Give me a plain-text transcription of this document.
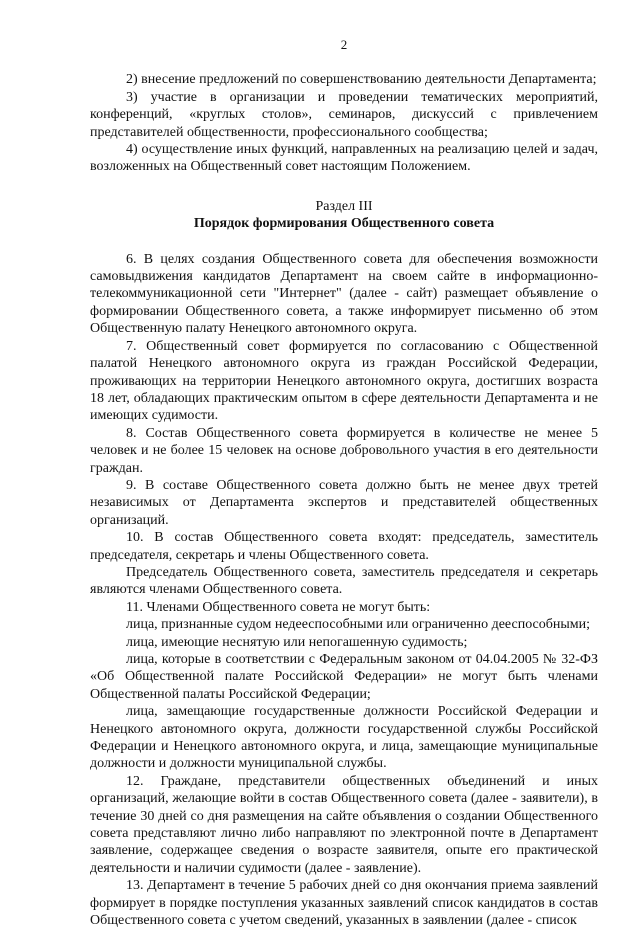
2

2) внесение предложений по совершенствованию деятельности Департамента;

3) участие в организации и проведении тематических мероприятий, конференций, «круглых столов», семинаров, дискуссий с привлечением представителей общественности, профессионального сообщества;

4) осуществление иных функций, направленных на реализацию целей и задач, возложенных на Общественный совет настоящим Положением.

Раздел III

Порядок формирования Общественного совета

6. В целях создания Общественного совета для обеспечения возможности самовыдвижения кандидатов Департамент на своем сайте в информационно-телекоммуникационной сети "Интернет" (далее - сайт) размещает объявление о формировании Общественного совета, а также информирует письменно об этом Общественную палату Ненецкого автономного округа.

7. Общественный совет формируется по согласованию с Общественной палатой Ненецкого автономного округа из граждан Российской Федерации, проживающих на территории Ненецкого автономного округа, достигших возраста 18 лет, обладающих практическим опытом в сфере деятельности Департамента и не имеющих судимости.

8. Состав Общественного совета формируется в количестве не менее 5 человек и не более 15 человек на основе добровольного участия в его деятельности граждан.

9. В составе Общественного совета должно быть не менее двух третей независимых от Департамента экспертов и представителей общественных организаций.

10. В состав Общественного совета входят: председатель, заместитель председателя, секретарь и члены Общественного совета.

Председатель Общественного совета, заместитель председателя и секретарь являются членами Общественного совета.

11. Членами Общественного совета не могут быть:

лица, признанные судом недееспособными или ограниченно дееспособными;

лица, имеющие неснятую или непогашенную судимость;

лица, которые в соответствии с Федеральным законом от 04.04.2005 № 32-ФЗ «Об Общественной палате Российской Федерации» не могут быть членами Общественной палаты Российской Федерации;

лица, замещающие государственные должности Российской Федерации и Ненецкого автономного округа, должности государственной службы Российской Федерации и Ненецкого автономного округа, и лица, замещающие муниципальные должности и должности муниципальной службы.

12. Граждане, представители общественных объединений и иных организаций, желающие войти в состав Общественного совета (далее - заявители), в течение 30 дней со дня размещения на сайте объявления о создании Общественного совета представляют лично либо направляют по электронной почте в Департамент заявление, содержащее сведения о возрасте заявителя, опыте его практической деятельности и наличии судимости (далее - заявление).

13. Департамент в течение 5 рабочих дней со дня окончания приема заявлений формирует в порядке поступления указанных заявлений список кандидатов в состав Общественного совета с учетом сведений, указанных в заявлении (далее - список
